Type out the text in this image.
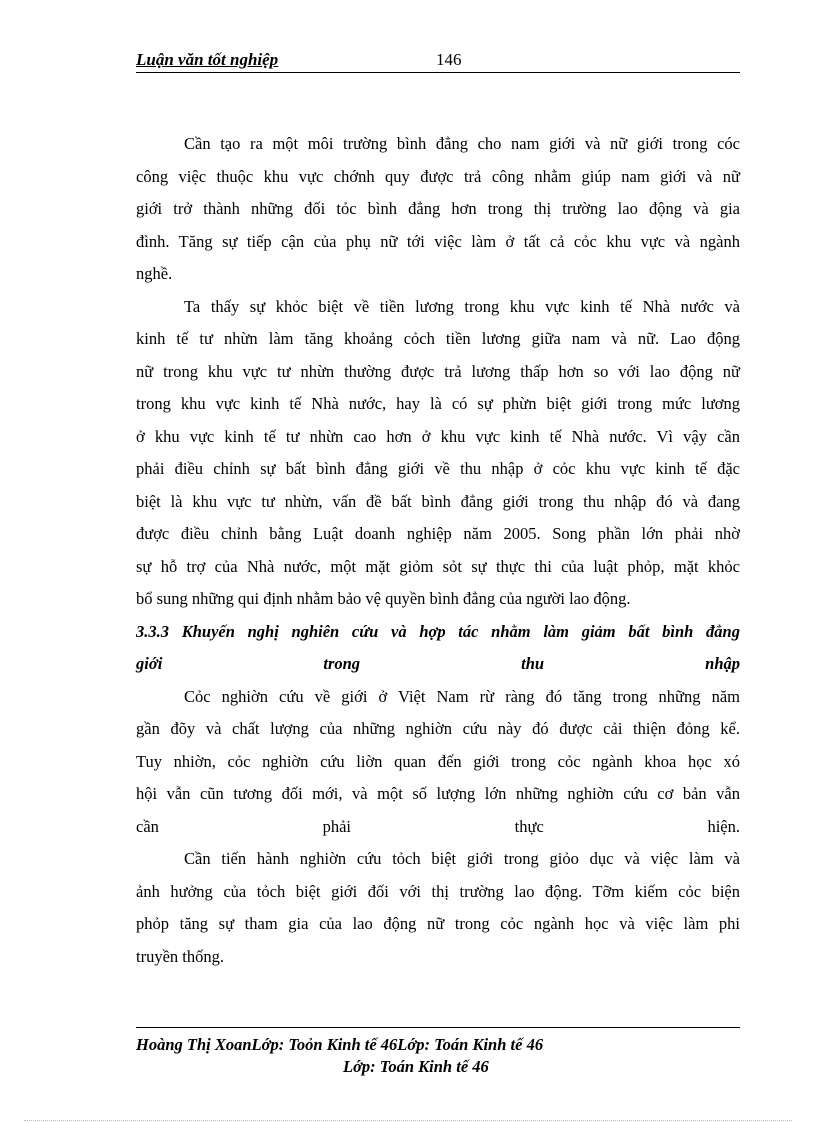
Luận văn tốt nghiệp	146
Cần tạo ra một môi trường bình đẳng cho nam giới và nữ giới trong cóc
công việc thuộc khu vực chớnh quy được trả công nhằm giúp nam giới và nữ
giới trở thành những đối tỏc bình đẳng hơn trong thị trường lao động và gia
đình. Tăng sự tiếp cận của phụ nữ tới việc làm ở tất cả cỏc khu vực và ngành
nghề.
Ta thấy sự khỏc biệt về tiền lương trong khu vực kinh tế Nhà nước và
kinh tế tư nhừn làm tăng khoảng cỏch tiền lương giữa nam và nữ. Lao động
nữ trong khu vực tư nhừn thường được trả lương thấp hơn so với lao động nữ
trong khu vực kinh tế Nhà nước, hay là có sự phừn biệt giới trong mức lương
ở khu vực kinh tế tư nhừn cao hơn ở khu vực kinh tế Nhà nước. Vì vậy cần
phải điều chỉnh sự bất bình đẳng giới về thu nhập ở cỏc khu vực kinh tế đặc
biệt là khu vực tư nhừn, vấn đề bất bình đẳng giới trong thu nhập đó và đang
được điều chỉnh bằng Luật doanh nghiệp năm 2005. Song phần lớn phải nhờ
sự hỗ trợ của Nhà nước, một mặt giỏm sỏt sự thực thi của luật phỏp, mặt khỏc
bổ sung những qui định nhằm bảo vệ quyền bình đẳng của người lao động.
3.3.3 Khuyến nghị nghiên cứu và hợp tác nhằm làm giảm bất bình đẳng
giới trong thu nhập
Cỏc nghiờn cứu về giới ở Việt Nam rừ ràng đó tăng trong những năm
gần đõy và chất lượng của những nghiờn cứu này đó được cải thiện đỏng kể.
Tuy nhiờn, cỏc nghiờn cứu liờn quan đến giới trong cỏc ngành khoa học xó
hội vẫn cũn tương đối mới, và một số lượng lớn những nghiờn cứu cơ bản vẫn
cần phải thực hiện.
Cần tiến hành nghiờn cứu tỏch biệt giới trong giỏo dục và việc làm và
ảnh hưởng của tỏch biệt giới đối với thị trường lao động. Tỡm kiếm cỏc biện
phỏp tăng sự tham gia của lao động nữ trong cỏc ngành học và việc làm phi
truyền thống.
Hoàng Thị XoanLớp: Toỏn Kinh tế 46Lớp: Toán Kinh tế 46
Lớp: Toán Kinh tế 46
